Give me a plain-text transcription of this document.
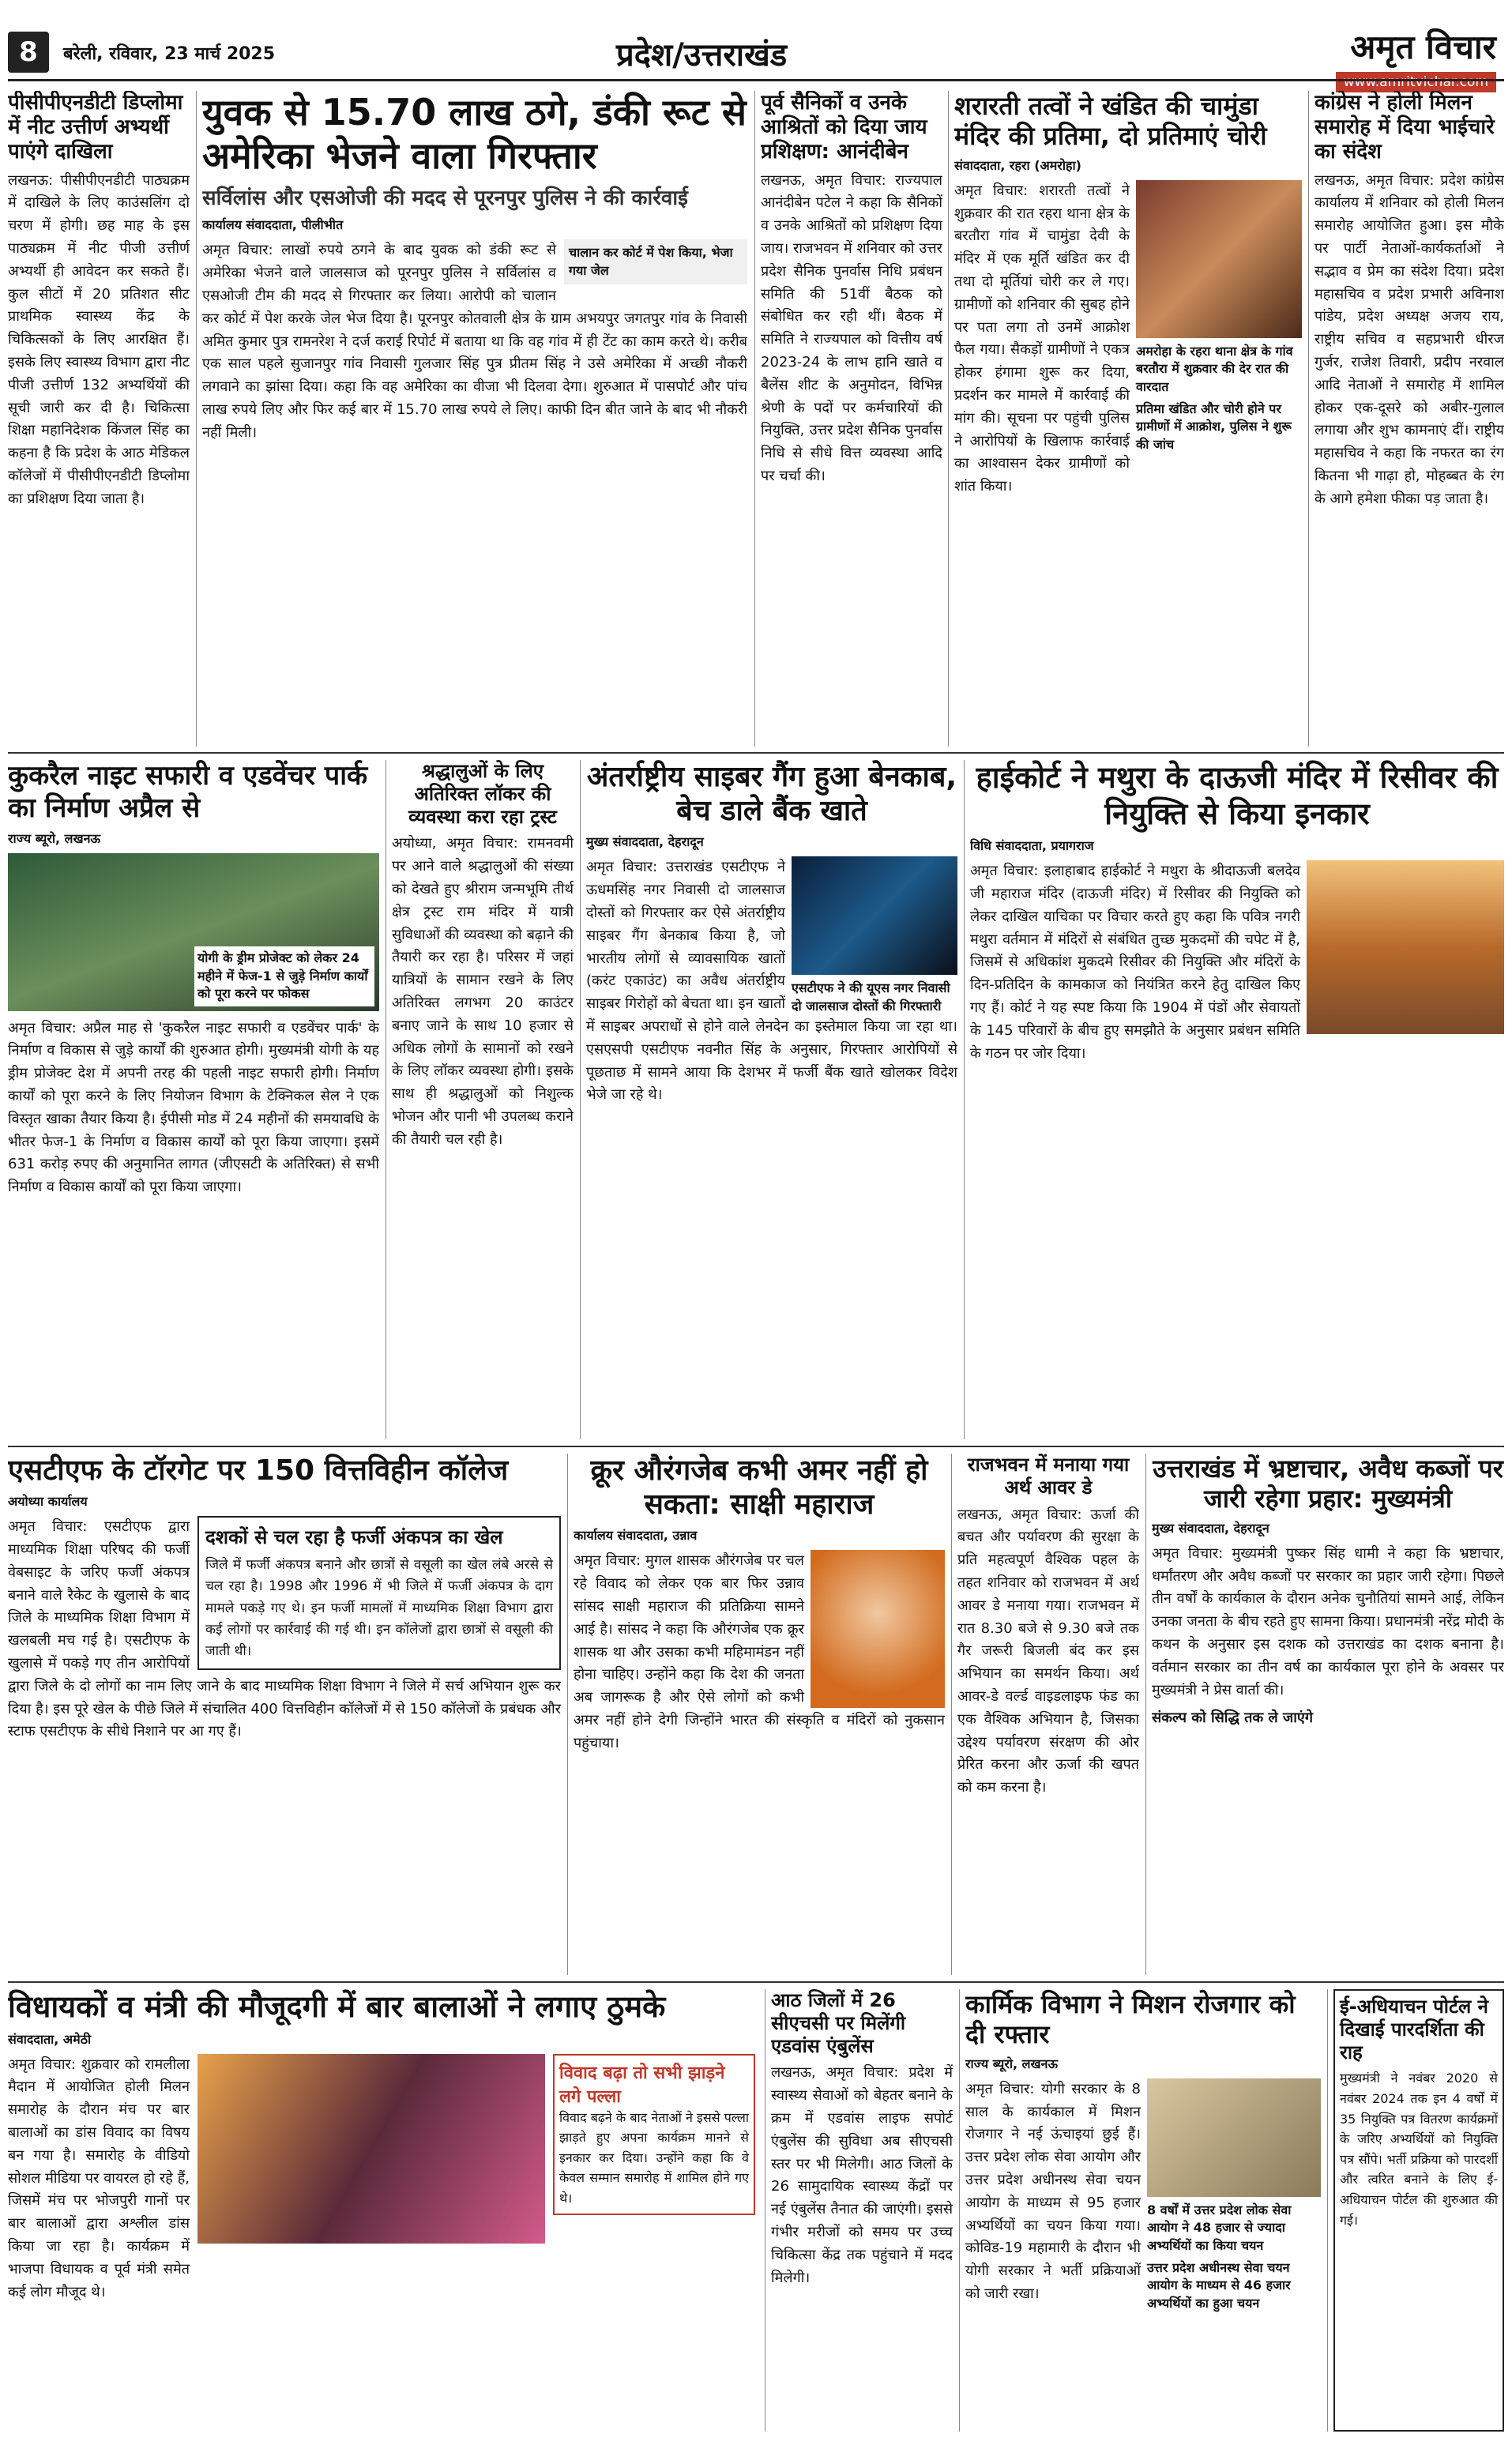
8	बरेली, रविवार, 23 मार्च 2025	प्रदेश/उत्तराखंड	अमृत विचार
www.amritvichar.com
पीसीपीएनडीटी डिप्लोमा में नीट उत्तीर्ण अभ्यर्थी पाएंगे दाखिला

लखनऊ: पीसीपीएनडीटी पाठ्यक्रम में दाखिले के लिए काउंसलिंग दो चरण में होगी। छह माह के इस पाठ्यक्रम में नीट पीजी उत्तीर्ण अभ्यर्थी ही आवेदन कर सकते हैं। कुल सीटों में 20 प्रतिशत सीट प्राथमिक स्वास्थ्य केंद्र के चिकित्सकों के लिए आरक्षित हैं। इसके लिए स्वास्थ्य विभाग द्वारा नीट पीजी उत्तीर्ण 132 अभ्यर्थियों की सूची जारी कर दी है। चिकित्सा शिक्षा महानिदेशक किंजल सिंह का कहना है कि प्रदेश के आठ मेडिकल कॉलेजों में पीसीपीएनडीटी डिप्लोमा का प्रशिक्षण दिया जाता है।

युवक से 15.70 लाख ठगे, डंकी रूट से अमेरिका भेजने वाला गिरफ्तार
सर्विलांस और एसओजी की मदद से पूरनपुर पुलिस ने की कार्रवाई
कार्यालय संवाददाता, पीलीभीत
चालान कर कोर्ट में पेश किया, भेजा गया जेल

अमृत विचार: लाखों रुपये ठगने के बाद युवक को डंकी रूट से अमेरिका भेजने वाले जालसाज को पूरनपुर पुलिस ने सर्विलांस व एसओजी टीम की मदद से गिरफ्तार कर लिया। आरोपी को चालान कर कोर्ट में पेश करके जेल भेज दिया है। पूरनपुर कोतवाली क्षेत्र के ग्राम अभयपुर जगतपुर गांव के निवासी अमित कुमार पुत्र रामनरेश ने दर्ज कराई रिपोर्ट में बताया था कि वह गांव में ही टेंट का काम करते थे। करीब एक साल पहले सुजानपुर गांव निवासी गुलजार सिंह पुत्र प्रीतम सिंह ने उसे अमेरिका में अच्छी नौकरी लगवाने का झांसा दिया। कहा कि वह अमेरिका का वीजा भी दिलवा देगा। शुरुआत में पासपोर्ट और पांच लाख रुपये लिए और फिर कई बार में 15.70 लाख रुपये ले लिए। काफी दिन बीत जाने के बाद भी नौकरी नहीं मिली।

पूर्व सैनिकों व उनके आश्रितों को दिया जाय प्रशिक्षण: आनंदीबेन

लखनऊ, अमृत विचार: राज्यपाल आनंदीबेन पटेल ने कहा कि सैनिकों व उनके आश्रितों को प्रशिक्षण दिया जाय। राजभवन में शनिवार को उत्तर प्रदेश सैनिक पुनर्वास निधि प्रबंधन समिति की 51वीं बैठक को संबोधित कर रही थीं। बैठक में समिति ने राज्यपाल को वित्तीय वर्ष 2023-24 के लाभ हानि खाते व बैलेंस शीट के अनुमोदन, विभिन्न श्रेणी के पदों पर कर्मचारियों की नियुक्ति, उत्तर प्रदेश सैनिक पुनर्वास निधि से सीधे वित्त व्यवस्था आदि पर चर्चा की।

शरारती तत्वों ने खंडित की चामुंडा मंदिर की प्रतिमा, दो प्रतिमाएं चोरी
संवाददाता, रहरा (अमरोहा)
अमरोहा के रहरा थाना क्षेत्र के गांव बरतौरा में शुक्रवार की देर रात की वारदात
प्रतिमा खंडित और चोरी होने पर ग्रामीणों में आक्रोश, पुलिस ने शुरू की जांच

अमृत विचार: शरारती तत्वों ने शुक्रवार की रात रहरा थाना क्षेत्र के बरतौरा गांव में चामुंडा देवी के मंदिर में एक मूर्ति खंडित कर दी तथा दो मूर्तियां चोरी कर ले गए। ग्रामीणों को शनिवार की सुबह होने पर पता लगा तो उनमें आक्रोश फैल गया। सैकड़ों ग्रामीणों ने एकत्र होकर हंगामा शुरू कर दिया, प्रदर्शन कर मामले में कार्रवाई की मांग की। सूचना पर पहुंची पुलिस ने आरोपियों के खिलाफ कार्रवाई का आश्वासन देकर ग्रामीणों को शांत किया।

कांग्रेस ने होली मिलन समारोह में दिया भाईचारे का संदेश

लखनऊ, अमृत विचार: प्रदेश कांग्रेस कार्यालय में शनिवार को होली मिलन समारोह आयोजित हुआ। इस मौके पर पार्टी नेताओं-कार्यकर्ताओं ने सद्भाव व प्रेम का संदेश दिया। प्रदेश महासचिव व प्रदेश प्रभारी अविनाश पांडेय, प्रदेश अध्यक्ष अजय राय, राष्ट्रीय सचिव व सहप्रभारी धीरज गुर्जर, राजेश तिवारी, प्रदीप नरवाल आदि नेताओं ने समारोह में शामिल होकर एक-दूसरे को अबीर-गुलाल लगाया और शुभ कामनाएं दीं। राष्ट्रीय महासचिव ने कहा कि नफरत का रंग कितना भी गाढ़ा हो, मोहब्बत के रंग के आगे हमेशा फीका पड़ जाता है।

कुकरैल नाइट सफारी व एडवेंचर पार्क का निर्माण अप्रैल से
राज्य ब्यूरो, लखनऊ
योगी के ड्रीम प्रोजेक्ट को लेकर 24 महीने में फेज-1 से जुड़े निर्माण कार्यों को पूरा करने पर फोकस

अमृत विचार: अप्रैल माह से 'कुकरैल नाइट सफारी व एडवेंचर पार्क' के निर्माण व विकास से जुड़े कार्यों की शुरुआत होगी। मुख्यमंत्री योगी के यह ड्रीम प्रोजेक्ट देश में अपनी तरह की पहली नाइट सफारी होगी। निर्माण कार्यों को पूरा करने के लिए नियोजन विभाग के टेक्निकल सेल ने एक विस्तृत खाका तैयार किया है। ईपीसी मोड में 24 महीनों की समयावधि के भीतर फेज-1 के निर्माण व विकास कार्यों को पूरा किया जाएगा। इसमें 631 करोड़ रुपए की अनुमानित लागत (जीएसटी के अतिरिक्त) से सभी निर्माण व विकास कार्यों को पूरा किया जाएगा।

श्रद्धालुओं के लिए अतिरिक्त लॉकर की व्यवस्था करा रहा ट्रस्ट

अयोध्या, अमृत विचार: रामनवमी पर आने वाले श्रद्धालुओं की संख्या को देखते हुए श्रीराम जन्मभूमि तीर्थ क्षेत्र ट्रस्ट राम मंदिर में यात्री सुविधाओं की व्यवस्था को बढ़ाने की तैयारी कर रहा है। परिसर में जहां यात्रियों के सामान रखने के लिए अतिरिक्त लगभग 20 काउंटर बनाए जाने के साथ 10 हजार से अधिक लोगों के सामानों को रखने के लिए लॉकर व्यवस्था होगी। इसके साथ ही श्रद्धालुओं को निशुल्क भोजन और पानी भी उपलब्ध कराने की तैयारी चल रही है।

अंतर्राष्ट्रीय साइबर गैंग हुआ बेनकाब, बेच डाले बैंक खाते
मुख्य संवाददाता, देहरादून
एसटीएफ ने की यूएस नगर निवासी दो जालसाज दोस्तों की गिरफ्तारी

अमृत विचार: उत्तराखंड एसटीएफ ने ऊधमसिंह नगर निवासी दो जालसाज दोस्तों को गिरफ्तार कर ऐसे अंतर्राष्ट्रीय साइबर गैंग बेनकाब किया है, जो भारतीय लोगों से व्यावसायिक खातों (करंट एकाउंट) का अवैध अंतर्राष्ट्रीय साइबर गिरोहों को बेचता था। इन खातों में साइबर अपराधों से होने वाले लेनदेन का इस्तेमाल किया जा रहा था। एसएसपी एसटीएफ नवनीत सिंह के अनुसार, गिरफ्तार आरोपियों से पूछताछ में सामने आया कि देशभर में फर्जी बैंक खाते खोलकर विदेश भेजे जा रहे थे।

हाईकोर्ट ने मथुरा के दाऊजी मंदिर में रिसीवर की नियुक्ति से किया इनकार
विधि संवाददाता, प्रयागराज

अमृत विचार: इलाहाबाद हाईकोर्ट ने मथुरा के श्रीदाऊजी बलदेव जी महाराज मंदिर (दाऊजी मंदिर) में रिसीवर की नियुक्ति को लेकर दाखिल याचिका पर विचार करते हुए कहा कि पवित्र नगरी मथुरा वर्तमान में मंदिरों से संबंधित तुच्छ मुकदमों की चपेट में है, जिसमें से अधिकांश मुकदमे रिसीवर की नियुक्ति और मंदिरों के दिन-प्रतिदिन के कामकाज को नियंत्रित करने हेतु दाखिल किए गए हैं। कोर्ट ने यह स्पष्ट किया कि 1904 में पंडों और सेवायतों के 145 परिवारों के बीच हुए समझौते के अनुसार प्रबंधन समिति के गठन पर जोर दिया।

एसटीएफ के टॉरगेट पर 150 वित्तविहीन कॉलेज
अयोध्या कार्यालय
दशकों से चल रहा है फर्जी अंकपत्र का खेल

जिले में फर्जी अंकपत्र बनाने और छात्रों से वसूली का खेल लंबे अरसे से चल रहा है। 1998 और 1996 में भी जिले में फर्जी अंकपत्र के दाग मामले पकड़े गए थे। इन फर्जी मामलों में माध्यमिक शिक्षा विभाग द्वारा कई लोगों पर कार्रवाई की गई थी। इन कॉलेजों द्वारा छात्रों से वसूली की जाती थी।

अमृत विचार: एसटीएफ द्वारा माध्यमिक शिक्षा परिषद की फर्जी वेबसाइट के जरिए फर्जी अंकपत्र बनाने वाले रैकेट के खुलासे के बाद जिले के माध्यमिक शिक्षा विभाग में खलबली मच गई है। एसटीएफ के खुलासे में पकड़े गए तीन आरोपियों द्वारा जिले के दो लोगों का नाम लिए जाने के बाद माध्यमिक शिक्षा विभाग ने जिले में सर्च अभियान शुरू कर दिया है। इस पूरे खेल के पीछे जिले में संचालित 400 वित्तविहीन कॉलेजों में से 150 कॉलेजों के प्रबंधक और स्टाफ एसटीएफ के सीधे निशाने पर आ गए हैं।

क्रूर औरंगजेब कभी अमर नहीं हो सकता: साक्षी महाराज
कार्यालय संवाददाता, उन्नाव

अमृत विचार: मुगल शासक औरंगजेब पर चल रहे विवाद को लेकर एक बार फिर उन्नाव सांसद साक्षी महाराज की प्रतिक्रिया सामने आई है। सांसद ने कहा कि औरंगजेब एक क्रूर शासक था और उसका कभी महिमामंडन नहीं होना चाहिए। उन्होंने कहा कि देश की जनता अब जागरूक है और ऐसे लोगों को कभी अमर नहीं होने देगी जिन्होंने भारत की संस्कृति व मंदिरों को नुकसान पहुंचाया।

राजभवन में मनाया गया अर्थ आवर डे

लखनऊ, अमृत विचार: ऊर्जा की बचत और पर्यावरण की सुरक्षा के प्रति महत्वपूर्ण वैश्विक पहल के तहत शनिवार को राजभवन में अर्थ आवर डे मनाया गया। राजभवन में रात 8.30 बजे से 9.30 बजे तक गैर जरूरी बिजली बंद कर इस अभियान का समर्थन किया। अर्थ आवर-डे वर्ल्ड वाइडलाइफ फंड का एक वैश्विक अभियान है, जिसका उद्देश्य पर्यावरण संरक्षण की ओर प्रेरित करना और ऊर्जा की खपत को कम करना है।

उत्तराखंड में भ्रष्टाचार, अवैध कब्जों पर जारी रहेगा प्रहार: मुख्यमंत्री
मुख्य संवाददाता, देहरादून

अमृत विचार: मुख्यमंत्री पुष्कर सिंह धामी ने कहा कि भ्रष्टाचार, धर्मांतरण और अवैध कब्जों पर सरकार का प्रहार जारी रहेगा। पिछले तीन वर्षों के कार्यकाल के दौरान अनेक चुनौतियां सामने आई, लेकिन उनका जनता के बीच रहते हुए सामना किया। प्रधानमंत्री नरेंद्र मोदी के कथन के अनुसार इस दशक को उत्तराखंड का दशक बनाना है। वर्तमान सरकार का तीन वर्ष का कार्यकाल पूरा होने के अवसर पर मुख्यमंत्री ने प्रेस वार्ता की।

संकल्प को सिद्धि तक ले जाएंगे
विधायकों व मंत्री की मौजूदगी में बार बालाओं ने लगाए ठुमके
संवाददाता, अमेठी

अमृत विचार: शुक्रवार को रामलीला मैदान में आयोजित होली मिलन समारोह के दौरान मंच पर बार बालाओं का डांस विवाद का विषय बन गया है। समारोह के वीडियो सोशल मीडिया पर वायरल हो रहे हैं, जिसमें मंच पर भोजपुरी गानों पर बार बालाओं द्वारा अश्लील डांस किया जा रहा है। कार्यक्रम में भाजपा विधायक व पूर्व मंत्री समेत कई लोग मौजूद थे।

विवाद बढ़ा तो सभी झाड़ने लगे पल्ला

विवाद बढ़ने के बाद नेताओं ने इससे पल्ला झाड़ते हुए अपना कार्यक्रम मानने से इनकार कर दिया। उन्होंने कहा कि वे केवल सम्मान समारोह में शामिल होने गए थे।

आठ जिलों में 26 सीएचसी पर मिलेंगी एडवांस एंबुलेंस

लखनऊ, अमृत विचार: प्रदेश में स्वास्थ्य सेवाओं को बेहतर बनाने के क्रम में एडवांस लाइफ सपोर्ट एंबुलेंस की सुविधा अब सीएचसी स्तर पर भी मिलेगी। आठ जिलों के 26 सामुदायिक स्वास्थ्य केंद्रों पर नई एंबुलेंस तैनात की जाएंगी। इससे गंभीर मरीजों को समय पर उच्च चिकित्सा केंद्र तक पहुंचाने में मदद मिलेगी।

कार्मिक विभाग ने मिशन रोजगार को दी रफ्तार
राज्य ब्यूरो, लखनऊ
8 वर्षों में उत्तर प्रदेश लोक सेवा आयोग ने 48 हजार से ज्यादा अभ्यर्थियों का किया चयन
उत्तर प्रदेश अधीनस्थ सेवा चयन आयोग के माध्यम से 46 हजार अभ्यर्थियों का हुआ चयन

अमृत विचार: योगी सरकार के 8 साल के कार्यकाल में मिशन रोजगार ने नई ऊंचाइयां छुई हैं। उत्तर प्रदेश लोक सेवा आयोग और उत्तर प्रदेश अधीनस्थ सेवा चयन आयोग के माध्यम से 95 हजार अभ्यर्थियों का चयन किया गया। कोविड-19 महामारी के दौरान भी योगी सरकार ने भर्ती प्रक्रियाओं को जारी रखा।

ई-अधियाचन पोर्टल ने दिखाई पारदर्शिता की राह

मुख्यमंत्री ने नवंबर 2020 से नवंबर 2024 तक इन 4 वर्षों में 35 नियुक्ति पत्र वितरण कार्यक्रमों के जरिए अभ्यर्थियों को नियुक्ति पत्र सौंपे। भर्ती प्रक्रिया को पारदर्शी और त्वरित बनाने के लिए ई-अधियाचन पोर्टल की शुरुआत की गई।
